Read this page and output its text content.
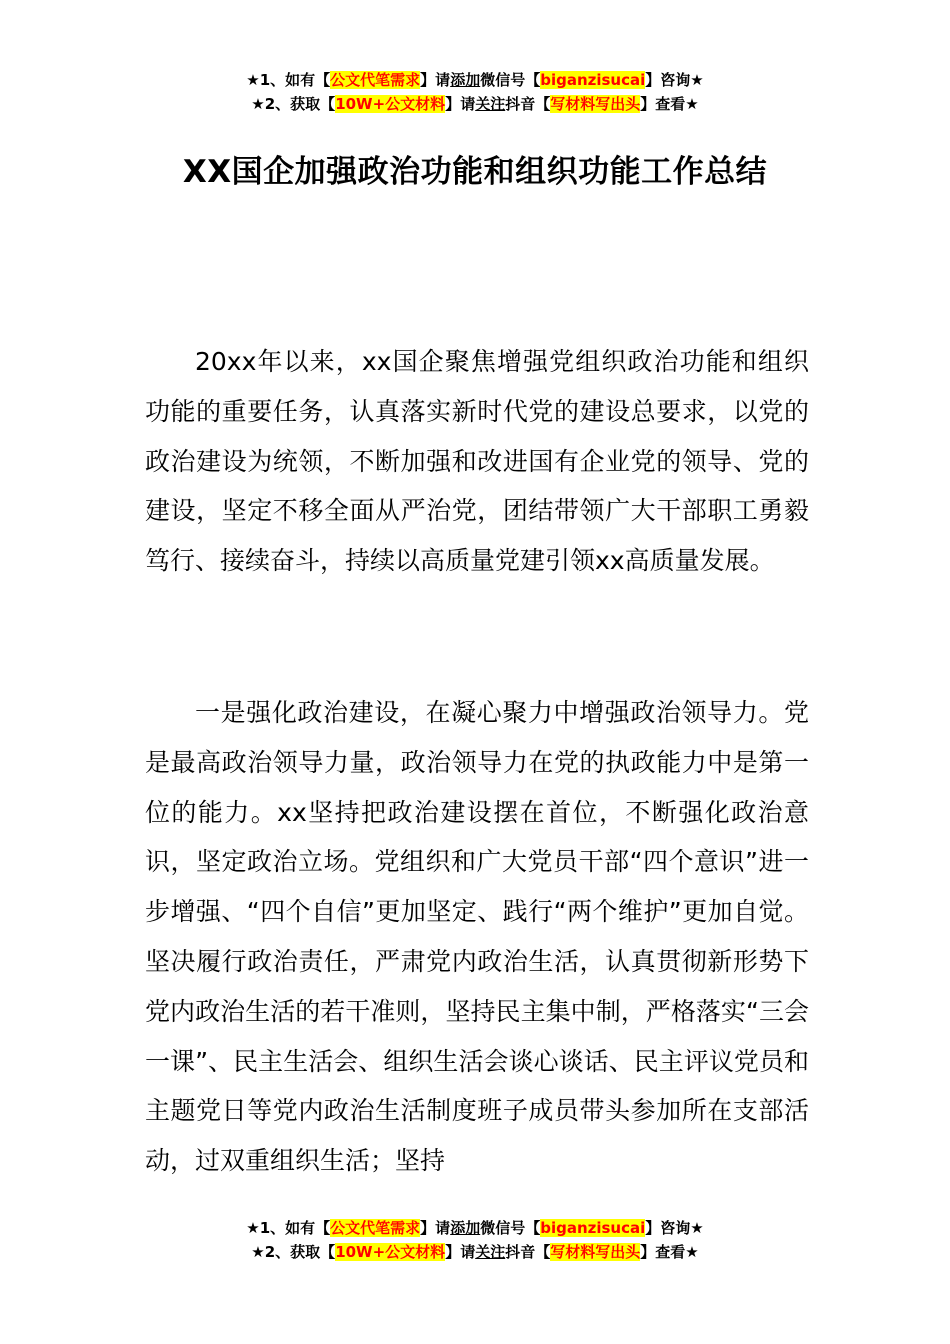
★1、如有【公文代笔需求】请添加微信号【biganzisucai】咨询★
★2、获取【10W+公文材料】请关注抖音【写材料写出头】查看★
XX国企加强政治功能和组织功能工作总结

20xx年以来，xx国企聚焦增强党组织政治功能和组织功能的重要任务，认真落实新时代党的建设总要求，以党的政治建设为统领，不断加强和改进国有企业党的领导、党的建设，坚定不移全面从严治党，团结带领广大干部职工勇毅笃行、接续奋斗，持续以高质量党建引领xx高质量发展。

一是强化政治建设，在凝心聚力中增强政治领导力。党是最高政治领导力量，政治领导力在党的执政能力中是第一位的能力。xx坚持把政治建设摆在首位，不断强化政治意识，坚定政治立场。党组织和广大党员干部“四个意识”进一步增强、“四个自信”更加坚定、践行“两个维护”更加自觉。坚决履行政治责任，严肃党内政治生活，认真贯彻新形势下党内政治生活的若干准则，坚持民主集中制，严格落实“三会一课”、民主生活会、组织生活会谈心谈话、民主评议党员和主题党日等党内政治生活制度班子成员带头参加所在支部活动，过双重组织生活；坚持

★1、如有【公文代笔需求】请添加微信号【biganzisucai】咨询★
★2、获取【10W+公文材料】请关注抖音【写材料写出头】查看★
